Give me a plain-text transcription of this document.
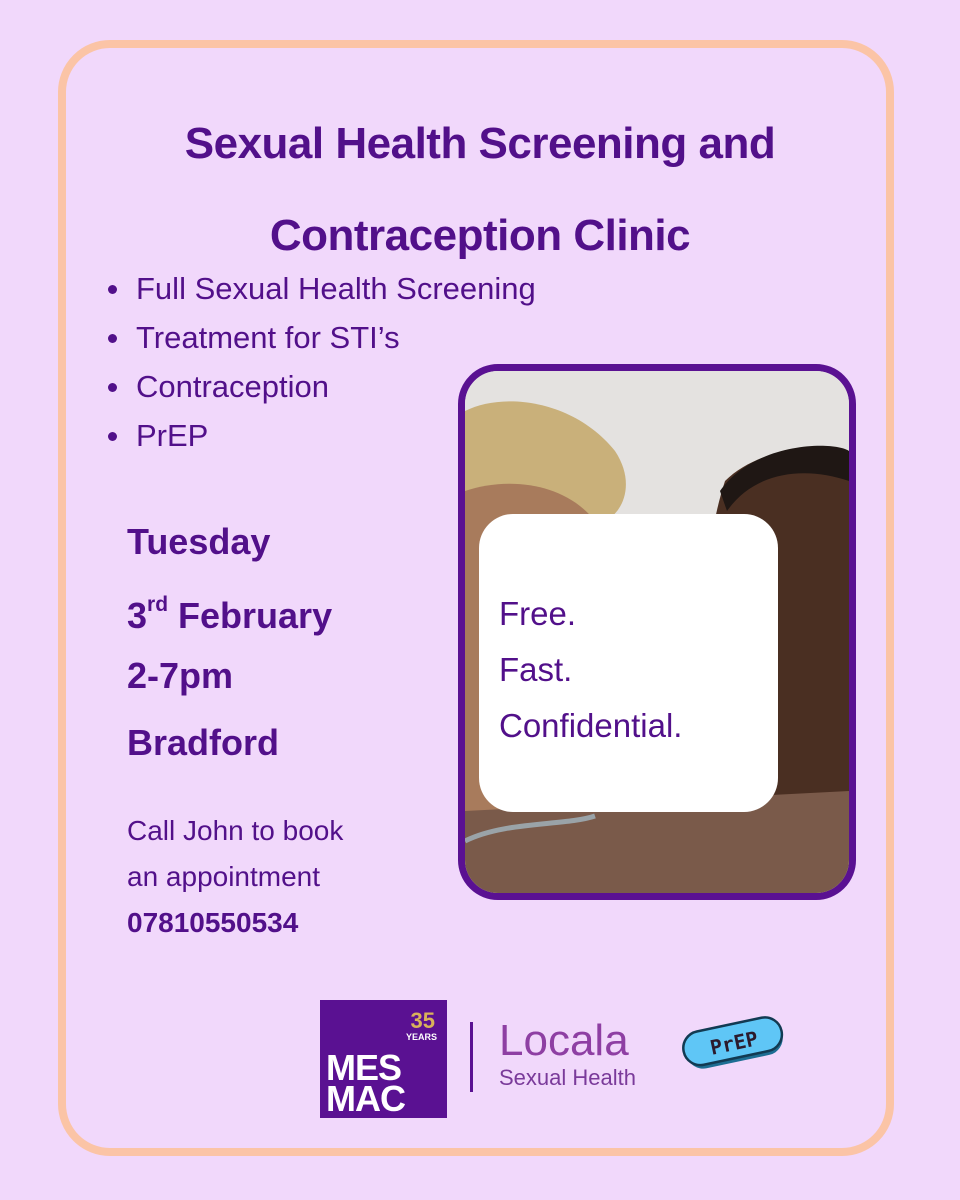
Sexual Health Screening and
Contraception Clinic
Full Sexual Health Screening
Treatment for STI’s
Contraception
PrEP
Tuesday
3rd February
2-7pm
Bradford
Call John to book
an appointment
07810550534
Free.
Fast.
Confidential.
35
YEARS
MES
MAC
Locala
Sexual Health
PrEP
